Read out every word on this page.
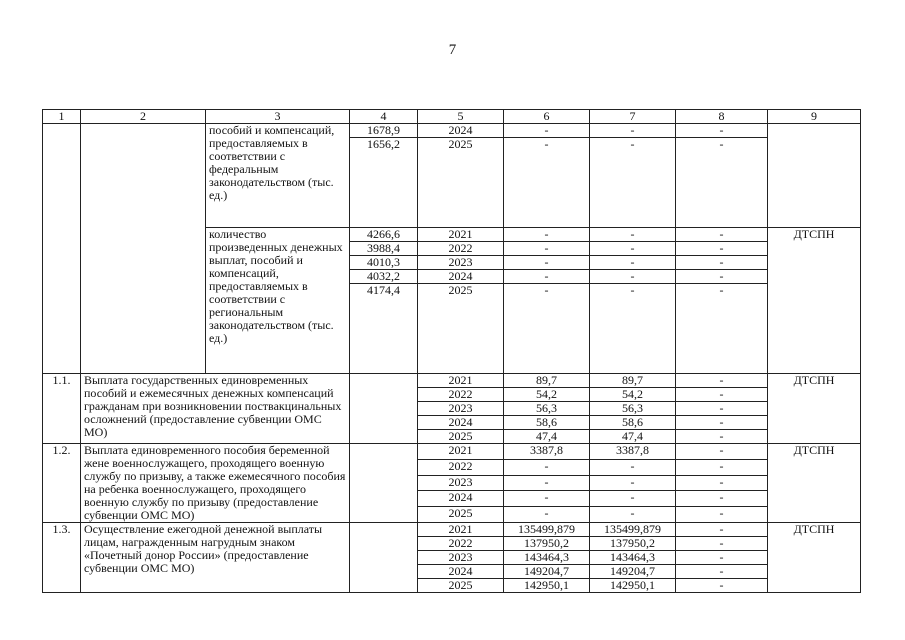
7
1	2	3	4	5	6	7	8	9
		пособий и компенсаций, предоставляемых в соответствии с федеральным законодательством (тыс. ед.)	1678,9	2024	-	-	-	
			1656,2	2025	-	-	-	
		количество произведенных денежных выплат, пособий и компенсаций, предоставляемых в соответствии с региональным законодательством (тыс. ед.)	4266,6	2021	-	-	-	ДТСПН
			3988,4	2022	-	-	-	
			4010,3	2023	-	-	-	
			4032,2	2024	-	-	-	
			4174,4	2025	-	-	-	
1.1.	Выплата государственных единовременных пособий и ежемесячных денежных компенсаций гражданам при возникновении поствакцинальных осложнений (предоставление субвенции ОМС МО)			2021	89,7	89,7	-	ДТСПН
				2022	54,2	54,2	-	
				2023	56,3	56,3	-	
				2024	58,6	58,6	-	
				2025	47,4	47,4	-	
1.2.	Выплата единовременного пособия беременной жене военнослужащего, проходящего военную службу по призыву, а также ежемесячного пособия на ребенка военнослужащего, проходящего военную службу по призыву (предоставление субвенции ОМС МО)			2021	3387,8	3387,8	-	ДТСПН
				2022	-	-	-	
				2023	-	-	-	
				2024	-	-	-	
				2025	-	-	-	
1.3.	Осуществление ежегодной денежной выплаты лицам, награжденным нагрудным знаком «Почетный донор России» (предоставление субвенции ОМС МО)			2021	135499,879	135499,879	-	ДТСПН
				2022	137950,2	137950,2	-	
				2023	143464,3	143464,3	-	
				2024	149204,7	149204,7	-	
				2025	142950,1	142950,1	-	
